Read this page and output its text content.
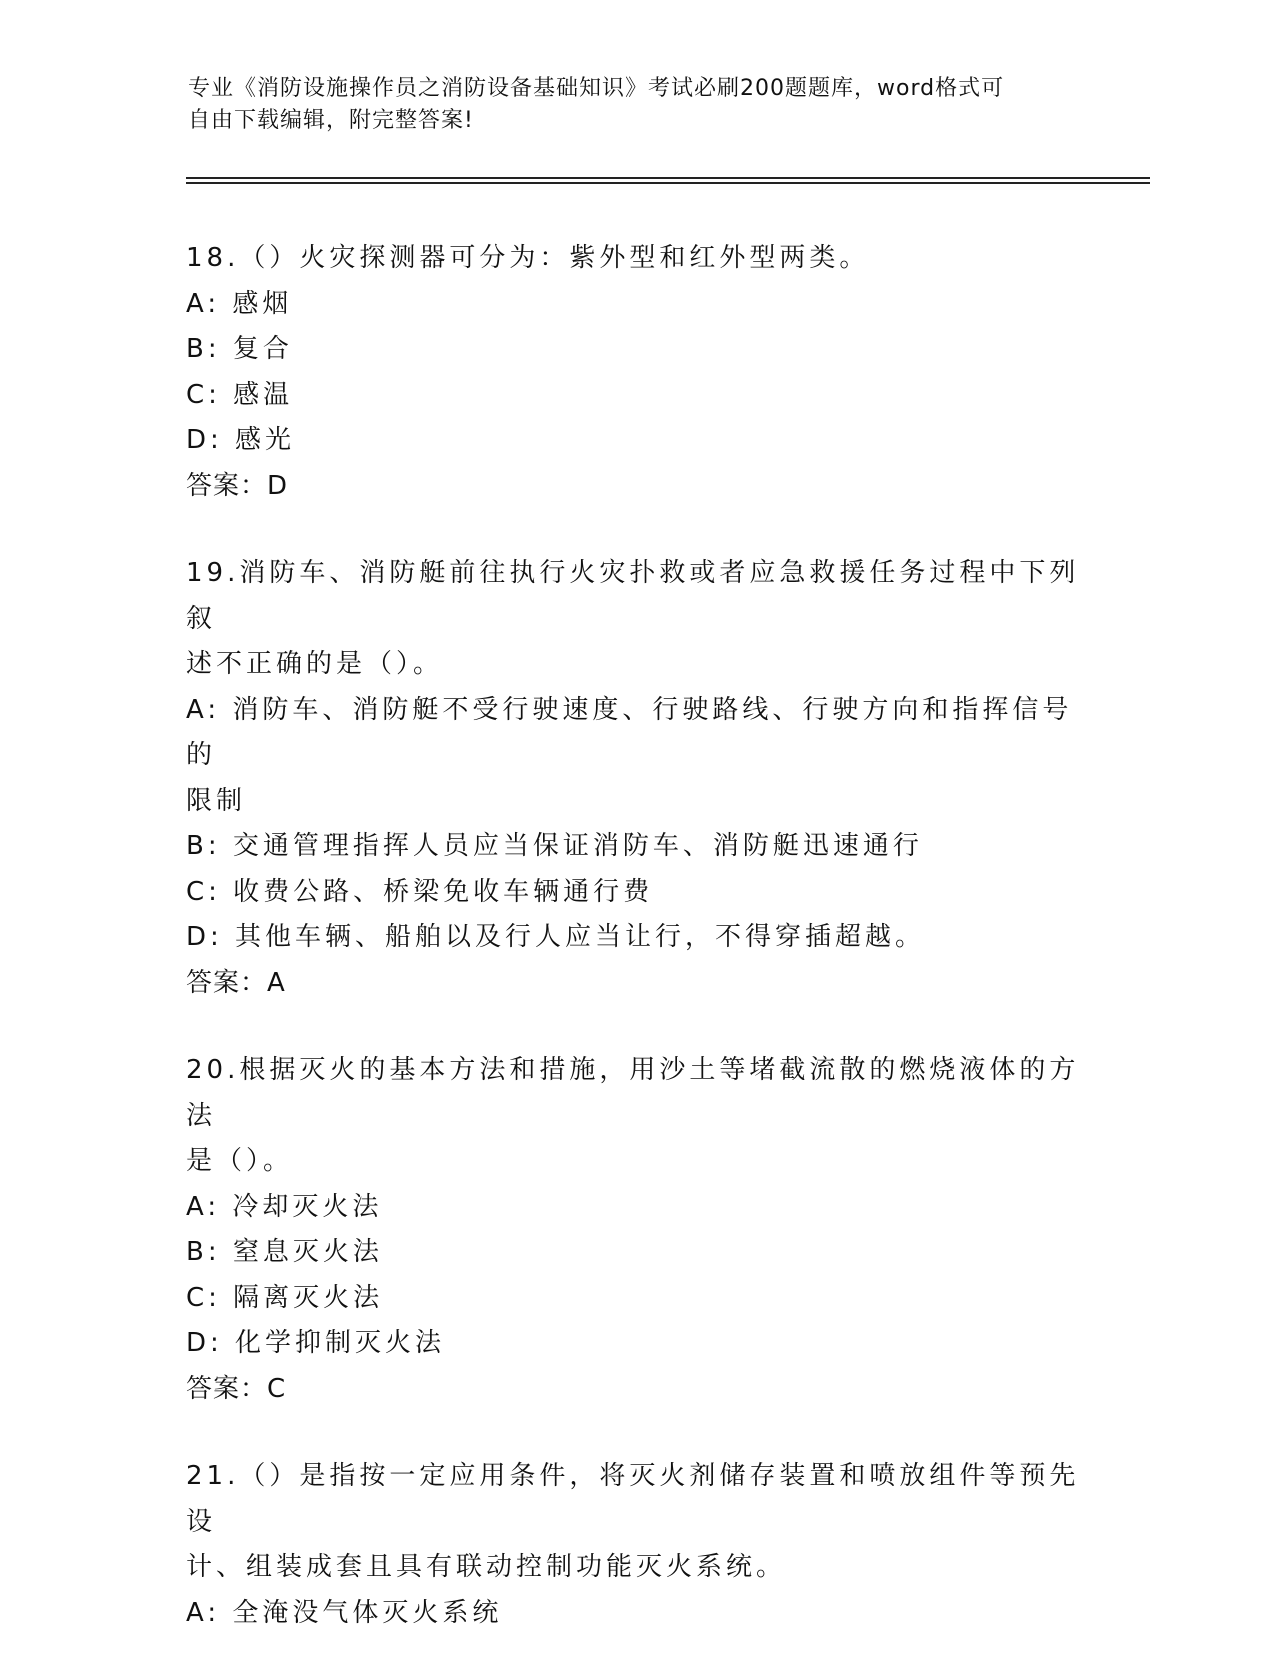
专业《消防设施操作员之消防设备基础知识》考试必刷200题题库，word格式可
自由下载编辑，附完整答案!
18.（）火灾探测器可分为：紫外型和红外型两类。
A: 感烟
B: 复合
C: 感温
D: 感光
答案：D
19.消防车、消防艇前往执行火灾扑救或者应急救援任务过程中下列叙
述不正确的是（）。
A: 消防车、消防艇不受行驶速度、行驶路线、行驶方向和指挥信号的
限制
B: 交通管理指挥人员应当保证消防车、消防艇迅速通行
C: 收费公路、桥梁免收车辆通行费
D: 其他车辆、船舶以及行人应当让行，不得穿插超越。
答案：A
20.根据灭火的基本方法和措施，用沙土等堵截流散的燃烧液体的方法
是（）。
A: 冷却灭火法
B: 窒息灭火法
C: 隔离灭火法
D: 化学抑制灭火法
答案：C
21.（）是指按一定应用条件，将灭火剂储存装置和喷放组件等预先设
计、组装成套且具有联动控制功能灭火系统。
A: 全淹没气体灭火系统
